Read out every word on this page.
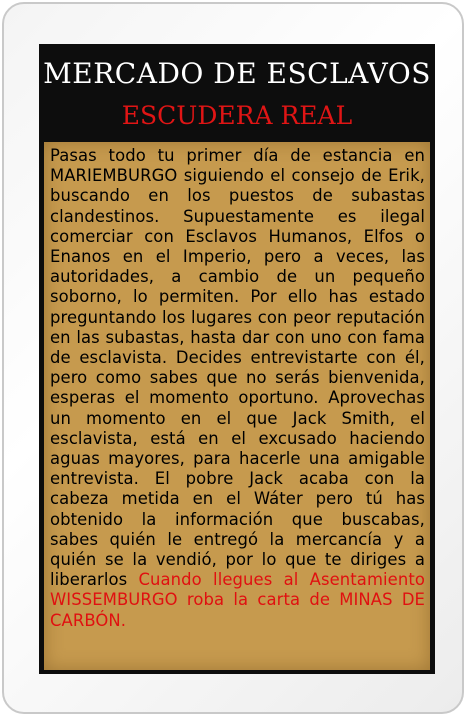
MERCADO DE ESCLAVOS
ESCUDERA REAL

Pasas todo tu primer día de estancia en MARIEMBURGO siguiendo el consejo de Erik, buscando en los puestos de subastas clandestinos. Supuestamente es ilegal comerciar con Esclavos Humanos, Elfos o Enanos en el Imperio, pero a veces, las autoridades, a cambio de un pequeño soborno, lo permiten. Por ello has estado preguntando los lugares con peor reputación en las subastas, hasta dar con uno con fama de esclavista. Decides entrevistarte con él, pero como sabes que no serás bienvenida, esperas el momento oportuno. Aprovechas un momento en el que Jack Smith, el esclavista, está en el excusado haciendo aguas mayores, para hacerle una amigable entrevista. El pobre Jack acaba con la cabeza metida en el Wáter pero tú has obtenido la información que buscabas, sabes quién le entregó la mercancía y a quién se la vendió, por lo que te diriges a liberarlos Cuando llegues al Asentamiento WISSEMBURGO roba la carta de MINAS DE CARBÓN.
